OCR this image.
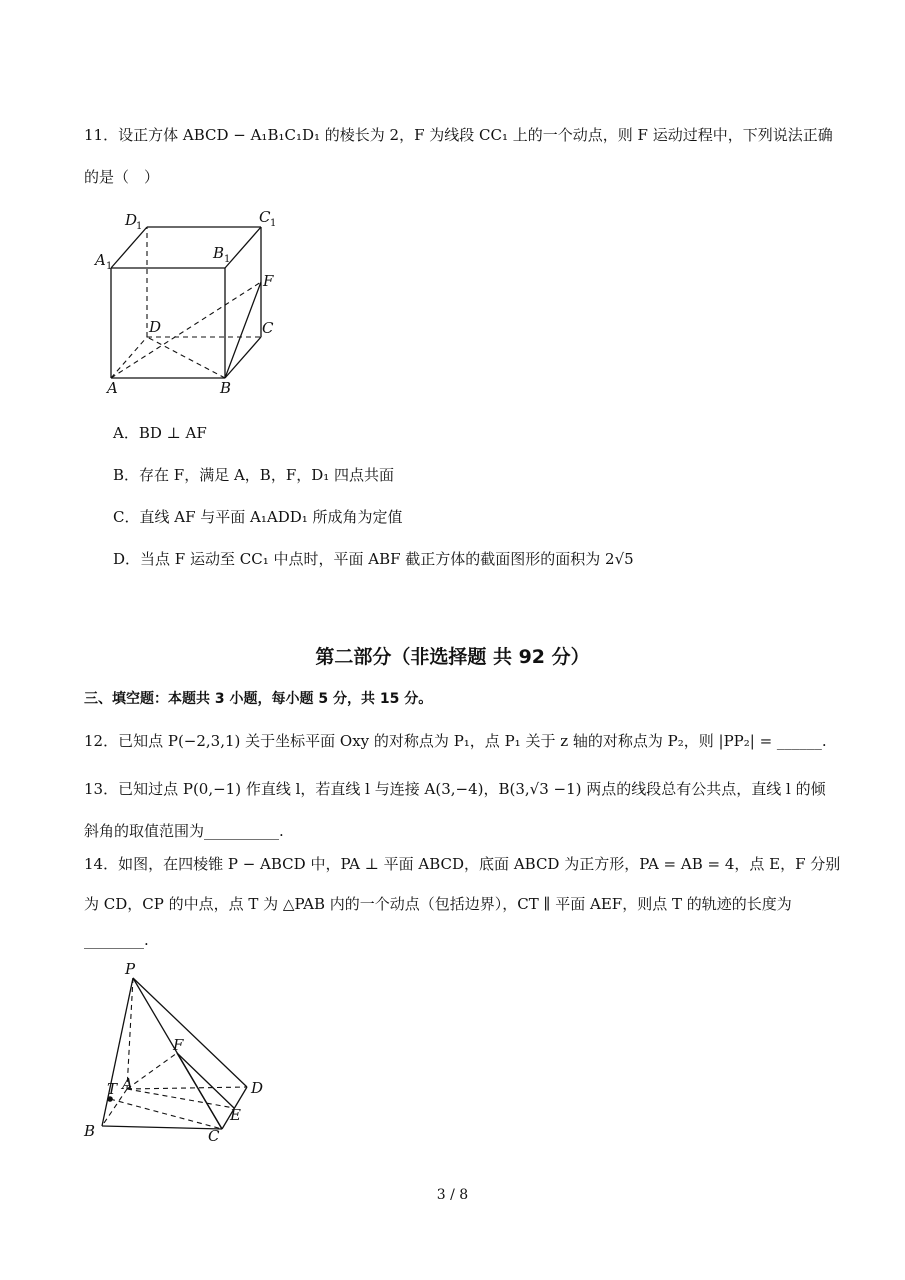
11．设正方体 ABCD − A₁B₁C₁D₁ 的棱长为 2，F 为线段 CC₁ 上的一个动点，则 F 运动过程中，下列说法正确
的是（　）
D
1
C 1
A 1
B 1
F
D	C
A	B
A．BD ⊥ AF
B．存在 F，满足 A，B，F，D₁ 四点共面
C．直线 AF 与平面 A₁ADD₁ 所成角为定值
D．当点 F 运动至 CC₁ 中点时，平面 ABF 截正方体的截面图形的面积为 2√5
第二部分（非选择题 共 92 分）
三、填空题：本题共 3 小题，每小题 5 分，共 15 分。
12．已知点 P(−2,3,1) 关于坐标平面 Oxy 的对称点为 P₁，点 P₁ 关于 z 轴的对称点为 P₂，则 |PP₂| = ______.
13．已知过点 P(0,−1) 作直线 l，若直线 l 与连接 A(3,−4)，B(3,√3 −1) 两点的线段总有公共点，直线 l 的倾
斜角的取值范围为__________.
14．如图，在四棱锥 P − ABCD 中，PA ⊥ 平面 ABCD，底面 ABCD 为正方形，PA = AB = 4，点 E，F 分别
为 CD，CP 的中点，点 T 为 △PAB 内的一个动点（包括边界），CT ∥ 平面 AEF，则点 T 的轨迹的长度为
________.
P
F
T A	D
E
B	C
3 / 8
